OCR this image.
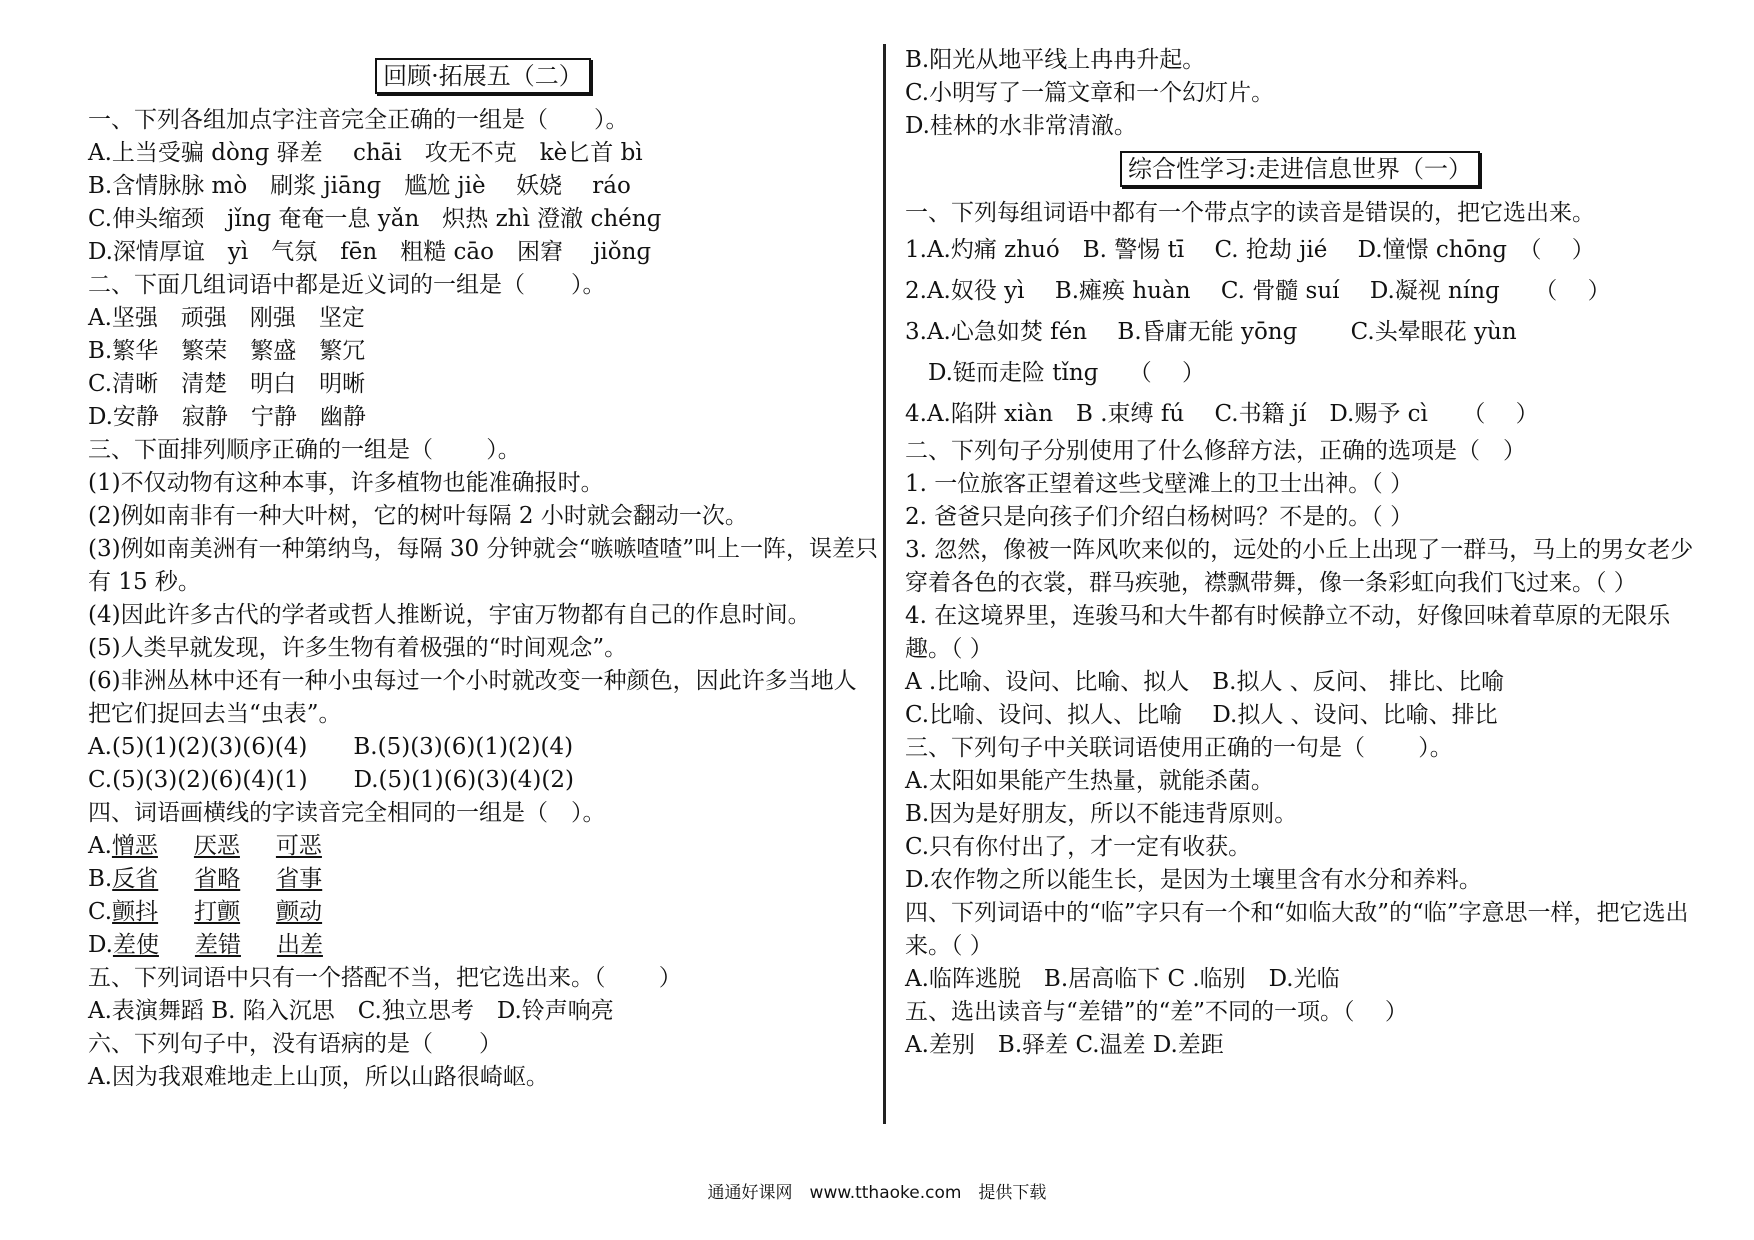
回顾·拓展五（二）
一、下列各组加点字注音完全正确的一组是（　　）。
A.上当受骗 dònɡ 驿差　 chāi　攻无不克　kè匕首 bì
B.含情脉脉 mò　刷浆 jiānɡ　尴尬 jiè　 妖娆　 ráo
C.伸头缩颈　jǐnɡ 奄奄一息 yǎn　炽热 zhì 澄澈 chénɡ
D.深情厚谊　yì　气氛　fēn　粗糙 cāo　困窘　 jiǒnɡ
二、下面几组词语中都是近义词的一组是（　　）。
A.坚强　顽强　刚强　坚定
B.繁华　繁荣　繁盛　繁冗
C.清晰　清楚　明白　明晰
D.安静　寂静　宁静　幽静
三、下面排列顺序正确的一组是（　　 ）。
(1)不仅动物有这种本事，许多植物也能准确报时。
(2)例如南非有一种大叶树，它的树叶每隔 2 小时就会翻动一次。
(3)例如南美洲有一种第纳鸟，每隔 30 分钟就会“嗾嗾喳喳”叫上一阵，误差只有 15 秒。
(4)因此许多古代的学者或哲人推断说，宇宙万物都有自己的作息时间。
(5)人类早就发现，许多生物有着极强的“时间观念”。
(6)非洲丛林中还有一种小虫每过一个小时就改变一种颜色，因此许多当地人把它们捉回去当“虫表”。
A.(5)(1)(2)(3)(6)(4)　　B.(5)(3)(6)(1)(2)(4)
C.(5)(3)(2)(6)(4)(1)　　D.(5)(1)(6)(3)(4)(2)
四、词语画横线的字读音完全相同的一组是（　）。
A.憎恶 厌恶 可恶
B.反省 省略 省事
C.颤抖 打颤 颤动
D.差使 差错 出差
五、下列词语中只有一个搭配不当，把它选出来。（　　 ）
A.表演舞蹈 B. 陷入沉思　C.独立思考　D.铃声响亮
六、下列句子中，没有语病的是（　　）
A.因为我艰难地走上山顶，所以山路很崎岖。
B.阳光从地平线上冉冉升起。
C.小明写了一篇文章和一个幻灯片。
D.桂林的水非常清澈。
综合性学习:走进信息世界（一）
一、下列每组词语中都有一个带点字的读音是错误的，把它选出来。
1.A.灼痛 zhuó　B. 警惕 tī　 C. 抢劫 jié　 D.憧憬 chōnɡ　（　 ）
2.A.奴役 yì　 B.瘫痪 huàn　 C. 骨髓 suí　 D.凝视 nínɡ　　（　 ）
3.A.心急如焚 fén　 B.昏庸无能 yōnɡ　　 C.头晕眼花 yùn
　D.铤而走险 tǐnɡ　 （　 ）
4.A.陷阱 xiàn　B .束缚 fú　 C.书籍 jí　D.赐予 cì　　（　 ）
二、下列句子分别使用了什么修辞方法，正确的选项是（　）
1. 一位旅客正望着这些戈壁滩上的卫士出神。（ ）
2. 爸爸只是向孩子们介绍白杨树吗？不是的。（ ）
3. 忽然，像被一阵风吹来似的，远处的小丘上出现了一群马，马上的男女老少穿着各色的衣裳，群马疾驰，襟飘带舞，像一条彩虹向我们飞过来。（ ）
4. 在这境界里，连骏马和大牛都有时候静立不动，好像回味着草原的无限乐趣。（ ）
A .比喻、设问、比喻、拟人　B.拟人 、反问、 排比、比喻
C.比喻、设问、拟人、比喻　 D.拟人 、设问、比喻、排比
三、下列句子中关联词语使用正确的一句是（　　 ）。
A.太阳如果能产生热量，就能杀菌。
B.因为是好朋友，所以不能违背原则。
C.只有你付出了，才一定有收获。
D.农作物之所以能生长，是因为土壤里含有水分和养料。
四、下列词语中的“临”字只有一个和“如临大敌”的“临”字意思一样，把它选出来。（ ）
A.临阵逃脱　B.居高临下 C .临别　D.光临
五、选出读音与“差错”的“差”不同的一项。（　 ）
A.差别　B.驿差 C.温差 D.差距
通通好课网　www.tthaoke.com　提供下载
